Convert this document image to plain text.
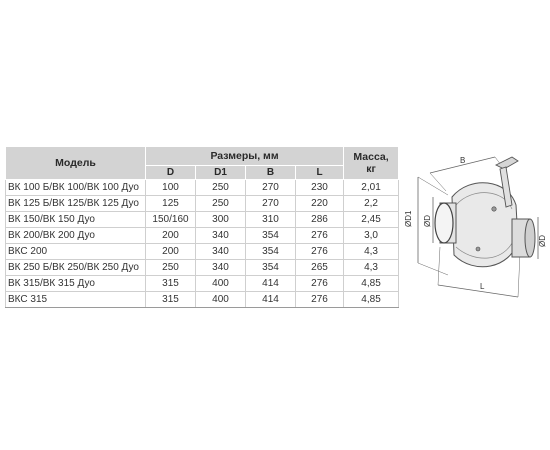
Модель	Размеры, мм				Масса,
кг
	D	D1	B	L	
ВК 100 Б/ВК 100/ВК 100 Дуо	100	250	270	230	2,01
ВК 125 Б/ВК 125/ВК 125 Дуо	125	250	270	220	2,2
ВК 150/ВК 150 Дуо	150/160	300	310	286	2,45
ВК 200/ВК 200 Дуо	200	340	354	276	3,0
ВКС 200	200	340	354	276	4,3
ВК 250 Б/ВК 250/ВК 250 Дуо	250	340	354	265	4,3
ВК 315/ВК 315 Дуо	315	400	414	276	4,85
ВКС 315	315	400	414	276	4,85
B
ØD1 ØD
ØD
L
